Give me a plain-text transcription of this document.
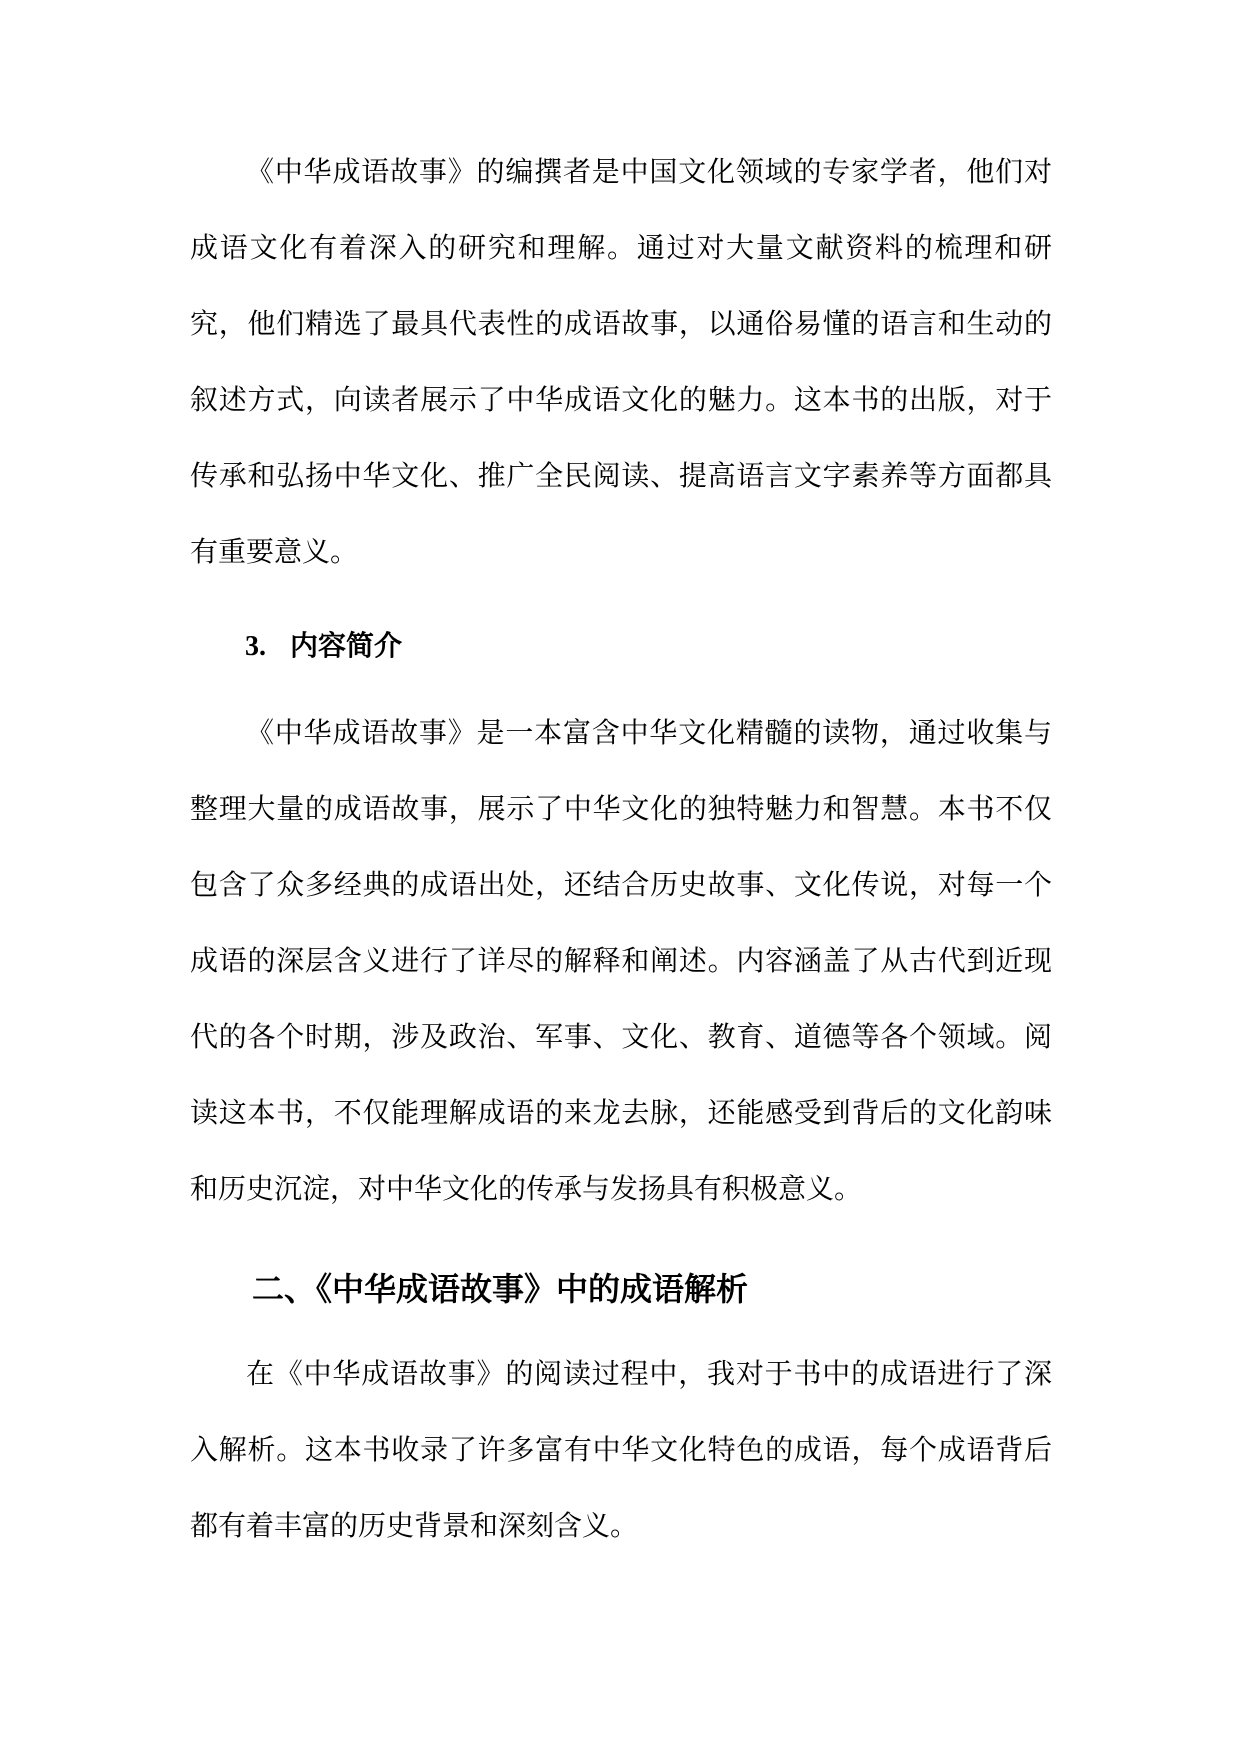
《中华成语故事》的编撰者是中国文化领域的专家学者，他们对成语文化有着深入的研究和理解。通过对大量文献资料的梳理和研究，他们精选了最具代表性的成语故事，以通俗易懂的语言和生动的叙述方式，向读者展示了中华成语文化的魅力。这本书的出版，对于传承和弘扬中华文化、推广全民阅读、提高语言文字素养等方面都具有重要意义。

3. 内容简介

《中华成语故事》是一本富含中华文化精髓的读物，通过收集与整理大量的成语故事，展示了中华文化的独特魅力和智慧。本书不仅包含了众多经典的成语出处，还结合历史故事、文化传说，对每一个成语的深层含义进行了详尽的解释和阐述。内容涵盖了从古代到近现代的各个时期，涉及政治、军事、文化、教育、道德等各个领域。阅读这本书，不仅能理解成语的来龙去脉，还能感受到背后的文化韵味和历史沉淀，对中华文化的传承与发扬具有积极意义。

二、《中华成语故事》中的成语解析

在《中华成语故事》的阅读过程中，我对于书中的成语进行了深入解析。这本书收录了许多富有中华文化特色的成语，每个成语背后都有着丰富的历史背景和深刻含义。
